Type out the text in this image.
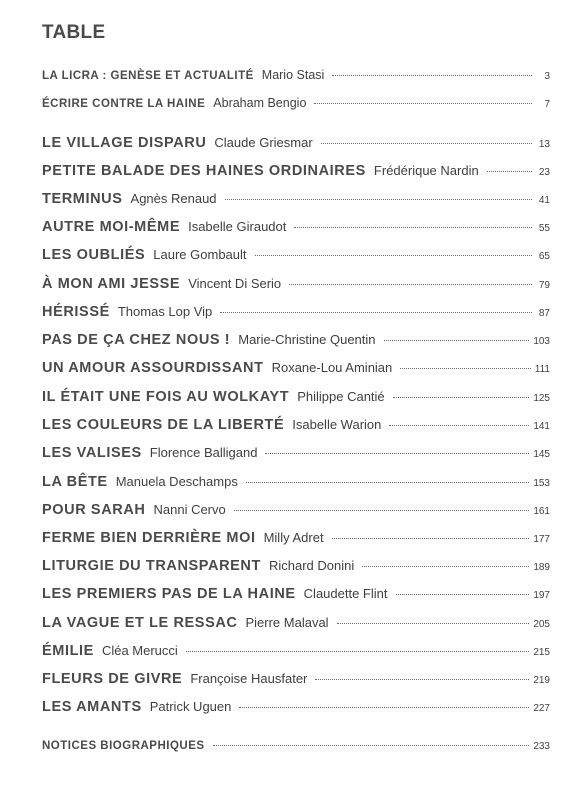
TABLE
LA LICRA : GENÈSE ET ACTUALITÉ Mario Stasi	3
ÉCRIRE CONTRE LA HAINE Abraham Bengio	7
LE VILLAGE DISPARU Claude Griesmar	13
PETITE BALADE DES HAINES ORDINAIRES Frédérique Nardin	23
TERMINUS Agnès Renaud	41
AUTRE MOI-MÊME Isabelle Giraudot	55
LES OUBLIÉS Laure Gombault	65
À MON AMI JESSE Vincent Di Serio	79
HÉRISSÉ Thomas Lop Vip	87
PAS DE ÇA CHEZ NOUS ! Marie-Christine Quentin	103
UN AMOUR ASSOURDISSANT Roxane-Lou Aminian	111
IL ÉTAIT UNE FOIS AU WOLKAYT Philippe Cantié	125
LES COULEURS DE LA LIBERTÉ Isabelle Warion	141
LES VALISES Florence Balligand	145
LA BÊTE Manuela Deschamps	153
POUR SARAH Nanni Cervo	161
FERME BIEN DERRIÈRE MOI Milly Adret	177
LITURGIE DU TRANSPARENT Richard Donini	189
LES PREMIERS PAS DE LA HAINE Claudette Flint	197
LA VAGUE ET LE RESSAC Pierre Malaval	205
ÉMILIE Cléa Merucci	215
FLEURS DE GIVRE Françoise Hausfater	219
LES AMANTS Patrick Uguen	227
NOTICES BIOGRAPHIQUES	233
